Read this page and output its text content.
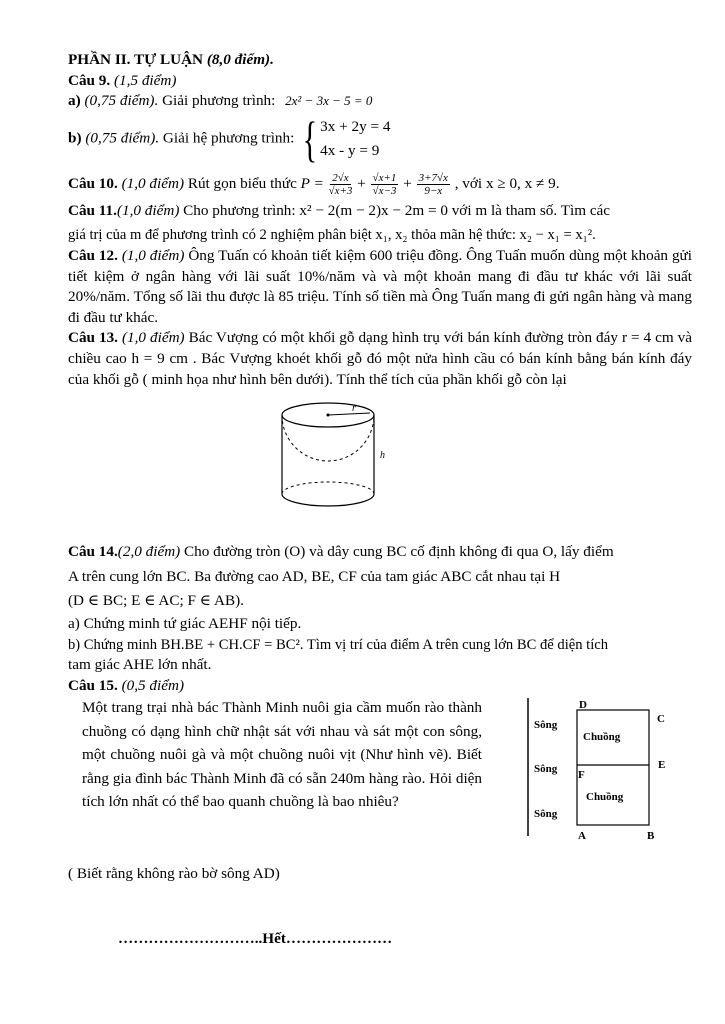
PHẦN II. TỰ LUẬN (8,0 điểm).

Câu 9. (1,5 điểm)

a) (0,75 điểm). Giải phương trình: 2x² − 3x − 5 = 0

b) (0,75 điểm). Giải hệ phương trình: { 3x + 2y = 4
4x - y = 9

Câu 10. (1,0 điểm) Rút gọn biểu thức $P = \frac{2√x}{√x+3} + \frac{√x+1}{√x-3} + \frac{3+7√x}{9-x}$ , với x ≥ 0, x ≠ 9.

Câu 11.(1,0 điểm) Cho phương trình: x² − 2(m − 2)x − 2m = 0 với m là tham số. Tìm các

giá trị của m để phương trình có 2 nghiệm phân biệt x₁, x₂ thỏa mãn hệ thức: x₂ − x₁ = x₁².

Câu 12. (1,0 điểm) Ông Tuấn có khoản tiết kiệm 600 triệu đồng. Ông Tuấn muốn dùng một khoản gửi tiết kiệm ở ngân hàng với lãi suất 10%/năm và và một khoản mang đi đầu tư khác với lãi suất 20%/năm. Tổng số lãi thu được là 85 triệu. Tính số tiền mà Ông Tuấn mang đi gửi ngân hàng và mang đi đầu tư khác.

Câu 13. (1,0 điểm) Bác Vượng có một khối gỗ dạng hình trụ với bán kính đường tròn đáy r = 4 cm và chiều cao h = 9 cm . Bác Vượng khoét khối gỗ đó một nửa hình cầu có bán kính bằng bán kính đáy của khối gỗ ( minh họa như hình bên dưới). Tính thể tích của phần khối gỗ còn lại

r
h

Câu 14.(2,0 điểm) Cho đường tròn (O) và dây cung BC cố định không đi qua O, lấy điểm

A trên cung lớn BC. Ba đường cao AD, BE, CF của tam giác ABC cắt nhau tại H

(D ∈ BC; E ∈ AC; F ∈ AB).

a) Chứng minh tứ giác AEHF nội tiếp.

b) Chứng minh BH.BE + CH.CF = BC². Tìm vị trí của điểm A trên cung lớn BC để diện tích

tam giác AHE lớn nhất.

Câu 15. (0,5 điểm)

Một trang trại nhà bác Thành Minh nuôi gia cầm muốn rào thành chuồng có dạng hình chữ nhật sát với nhau và sát một con sông, một chuồng nuôi gà và một chuồng nuôi vịt (Như hình vẽ). Biết rằng gia đình bác Thành Minh đã có sẵn 240m hàng rào. Hỏi diện tích lớn nhất có thể bao quanh chuồng là bao nhiêu?

Sông
Sông
Sông
Chuồng
Chuồng
D
C
E
F
A	B

( Biết rằng không rào bờ sông AD)

………………………..Hết…………………
